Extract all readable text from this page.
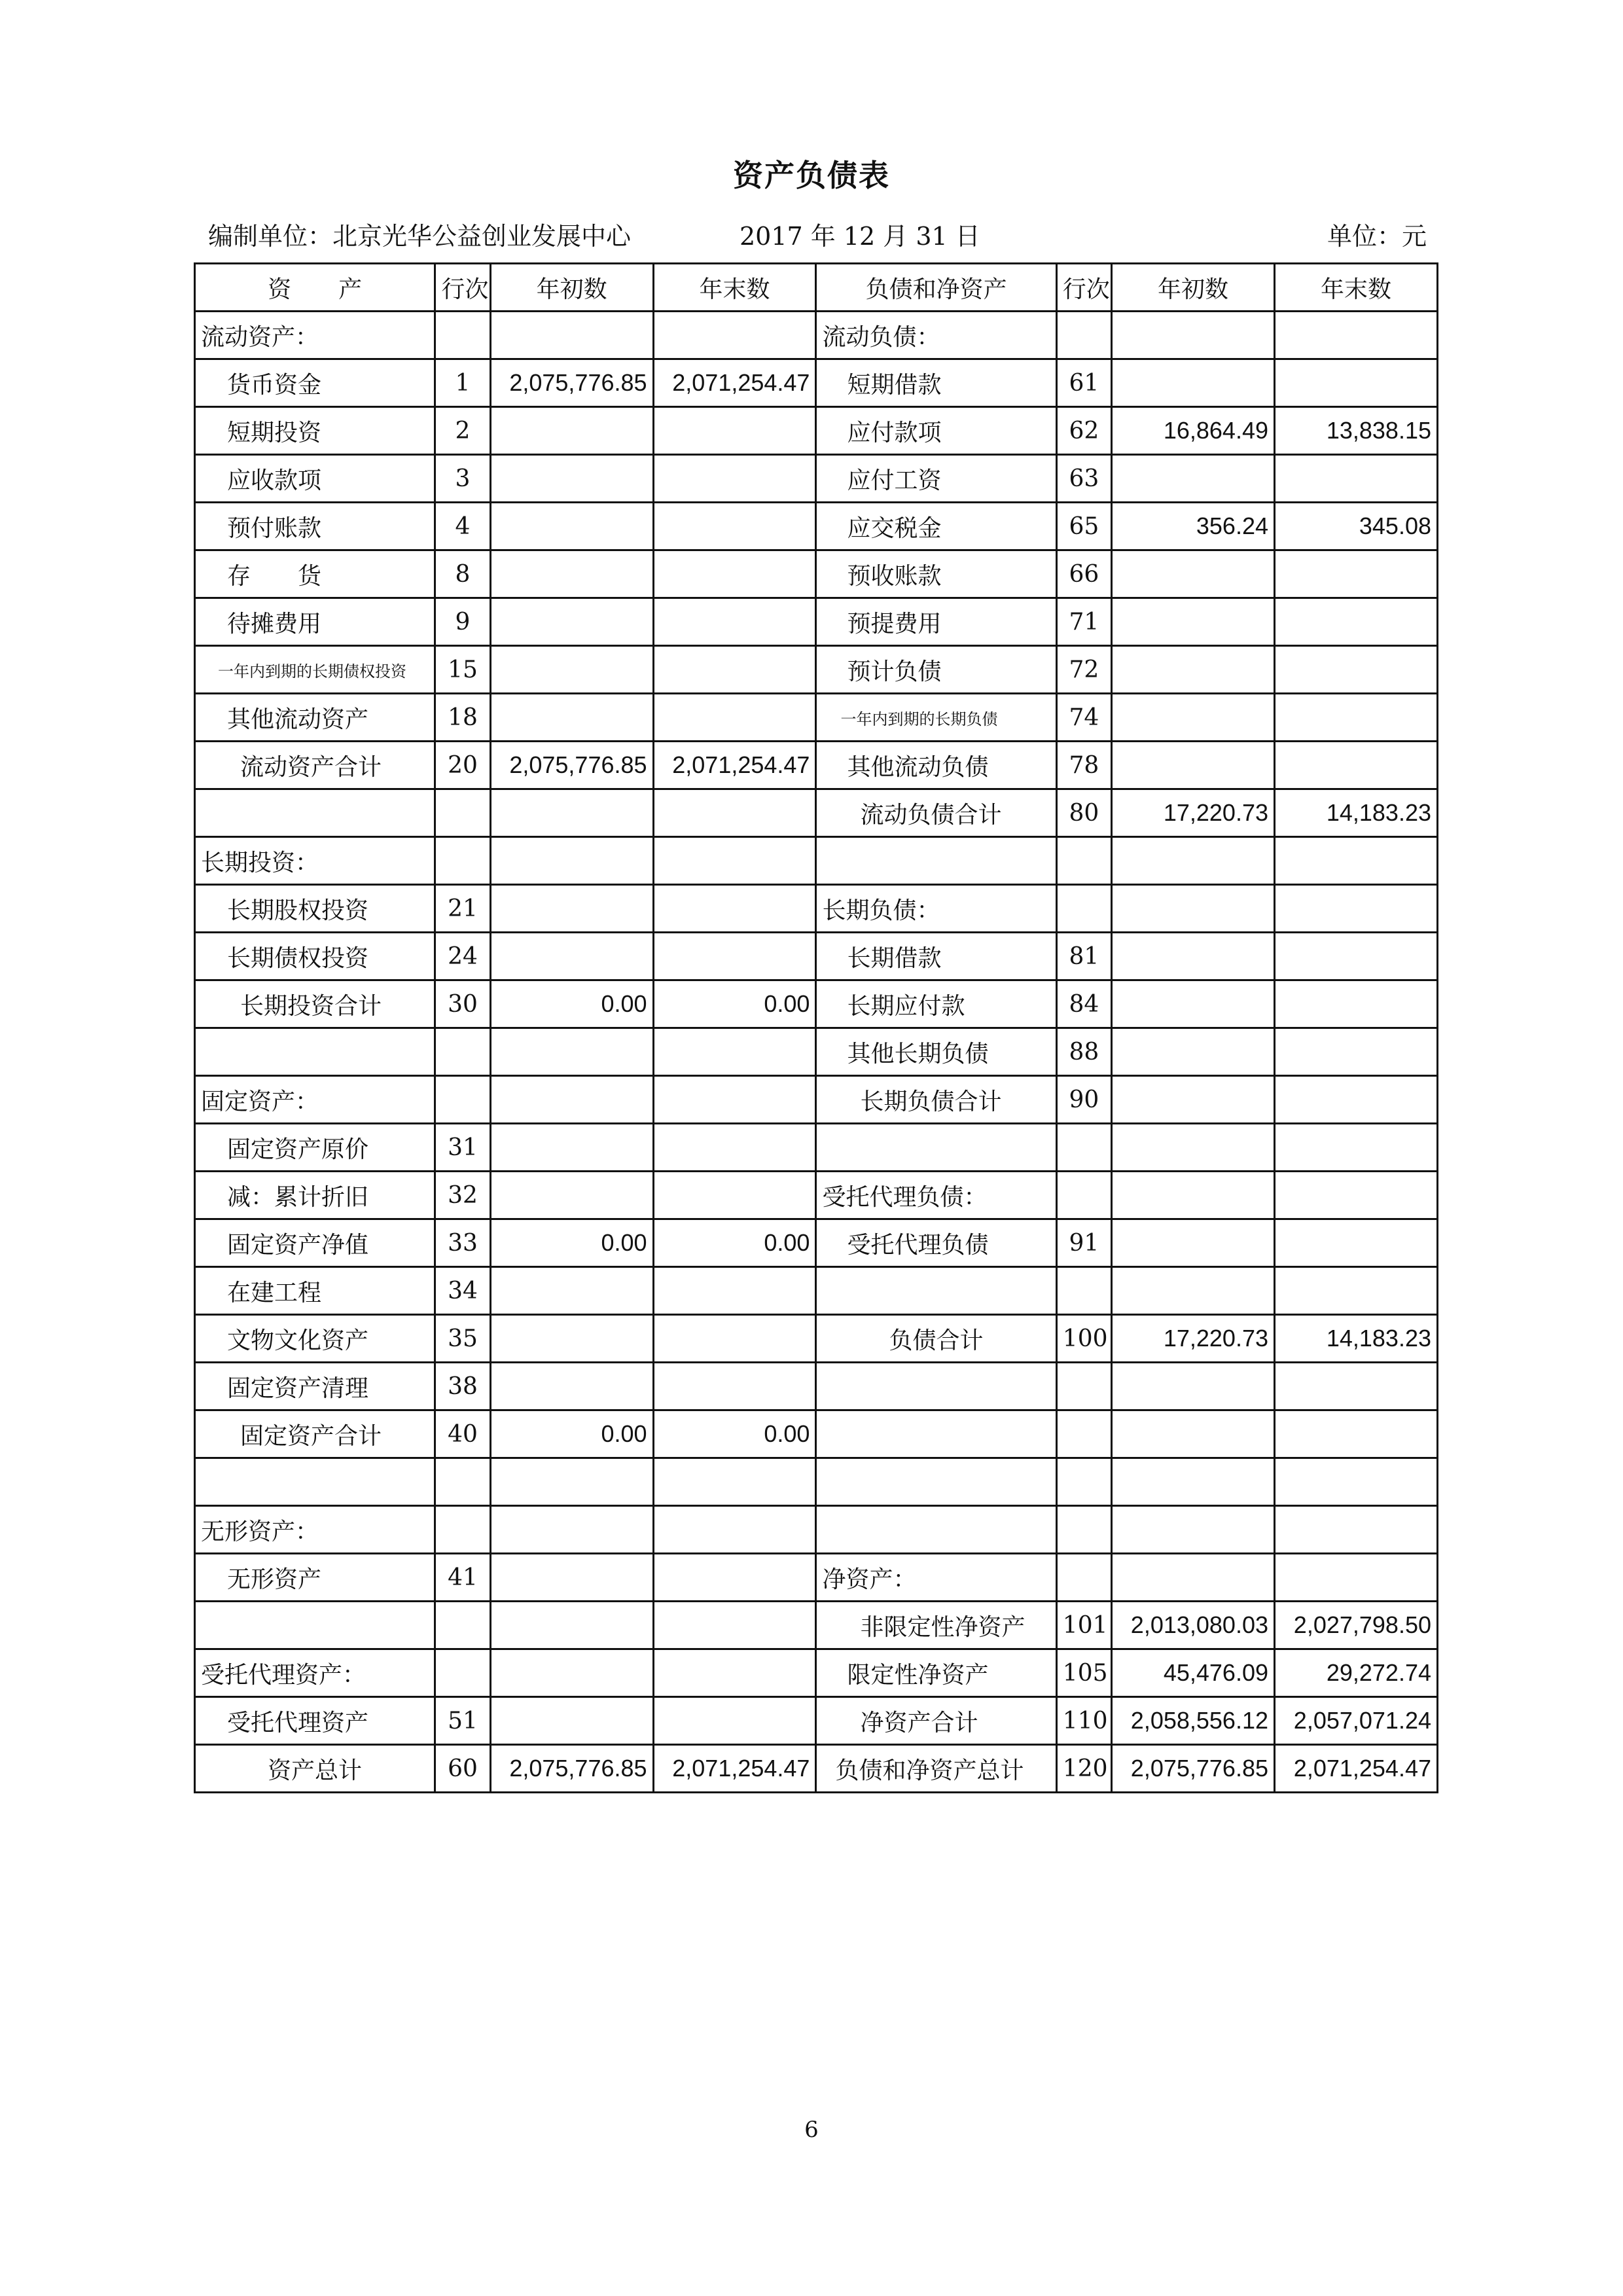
资产负债表
编制单位：北京光华公益创业发展中心	2017 年 12 月 31 日	单位：元
资　　产	行次	年初数	年末数	负债和净资产	行次	年初数	年末数
流动资产：				流动负债：			
货币资金	1	2,075,776.85	2,071,254.47	短期借款	61		
短期投资	2			应付款项	62	16,864.49	13,838.15
应收款项	3			应付工资	63		
预付账款	4			应交税金	65	356.24	345.08
存　　货	8			预收账款	66		
待摊费用	9			预提费用	71		
一年内到期的长期债权投资	15			预计负债	72		
其他流动资产	18			一年内到期的长期负债	74		
流动资产合计	20	2,075,776.85	2,071,254.47	其他流动负债	78		
				流动负债合计	80	17,220.73	14,183.23
长期投资：							
长期股权投资	21			长期负债：			
长期债权投资	24			长期借款	81		
长期投资合计	30	0.00	0.00	长期应付款	84		
				其他长期负债	88		
固定资产：				长期负债合计	90		
固定资产原价	31						
减：累计折旧	32			受托代理负债：			
固定资产净值	33	0.00	0.00	受托代理负债	91		
在建工程	34						
文物文化资产	35			负债合计	100	17,220.73	14,183.23
固定资产清理	38						
固定资产合计	40	0.00	0.00				

无形资产：							
无形资产	41			净资产：			
				非限定性净资产	101	2,013,080.03	2,027,798.50
受托代理资产：				限定性净资产	105	45,476.09	29,272.74
受托代理资产	51			净资产合计	110	2,058,556.12	2,057,071.24
资产总计	60	2,075,776.85	2,071,254.47	负债和净资产总计	120	2,075,776.85	2,071,254.47
6
